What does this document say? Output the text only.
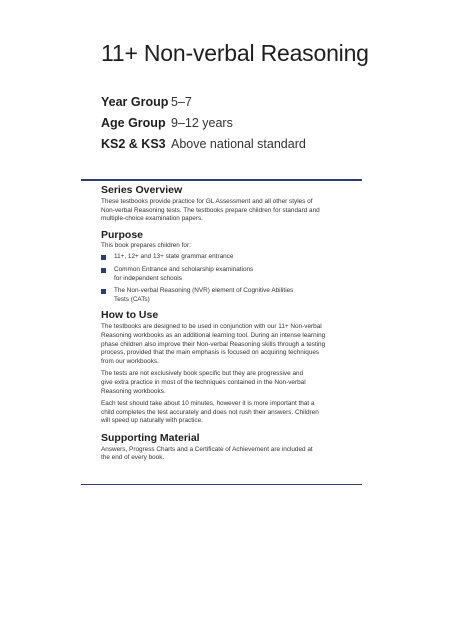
11+ Non-verbal Reasoning
Year Group 5–7
Age Group 9–12 years
KS2 & KS3 Above national standard
Series Overview

These testbooks provide practice for GL Assessment and all other styles of
Non-verbal Reasoning tests. The testbooks prepare children for standard and
multiple-choice examination papers.

Purpose

This book prepares children for:

11+, 12+ and 13+ state grammar entrance
Common Entrance and scholarship examinations
for independent schools
The Non-verbal Reasoning (NVR) element of Cognitive Abilities
Tests (CATs)
How to Use

The testbooks are designed to be used in conjunction with our 11+ Non-verbal
Reasoning workbooks as an additional learning tool. During an intense learning
phase children also improve their Non-verbal Reasoning skills through a testing
process, provided that the main emphasis is focused on acquiring techniques
from our workbooks.

The tests are not exclusively book specific but they are progressive and
give extra practice in most of the techniques contained in the Non-verbal
Reasoning workbooks.

Each test should take about 10 minutes, however it is more important that a
child completes the test accurately and does not rush their answers. Children
will speed up naturally with practice.

Supporting Material

Answers, Progress Charts and a Certificate of Achievement are included at
the end of every book.
